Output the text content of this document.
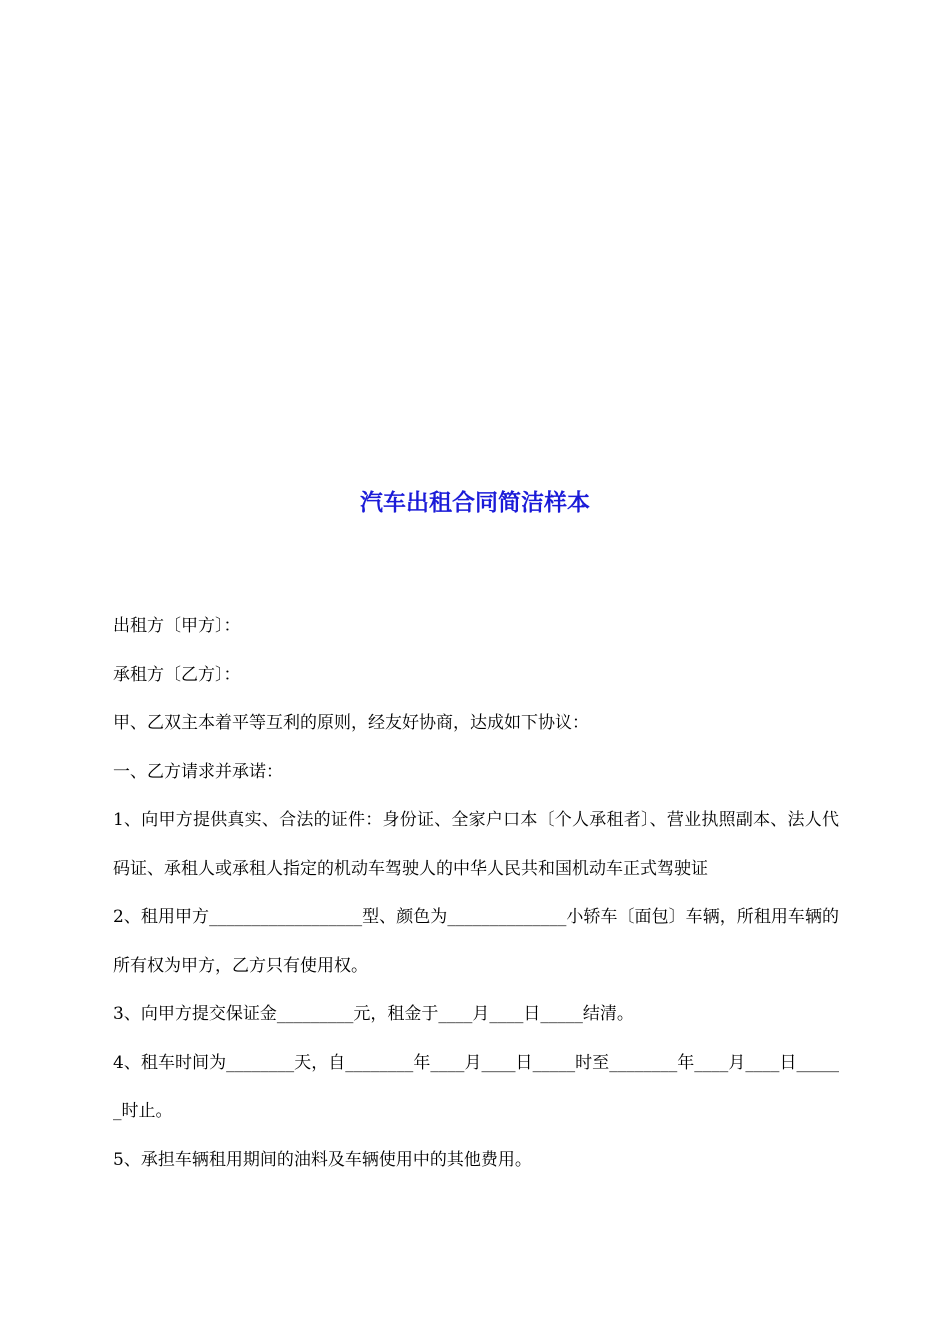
汽车出租合同简洁样本

出租方〔甲方〕：

承租方〔乙方〕：

甲、乙双主本着平等互利的原则，经友好协商，达成如下协议：

一、乙方请求并承诺：

1、向甲方提供真实、合法的证件：身份证、全家户口本〔个人承租者〕、营业执照副本、法人代码证、承租人或承租人指定的机动车驾驶人的中华人民共和国机动车正式驾驶证

2、租用甲方__________________型、颜色为______________小轿车〔面包〕车辆，所租用车辆的所有权为甲方，乙方只有使用权。

3、向甲方提交保证金_________元，租金于____月____日_____结清。

4、租车时间为________天，自________年____月____日_____时至________年____月____日______时止。

5、承担车辆租用期间的油料及车辆使用中的其他费用。
